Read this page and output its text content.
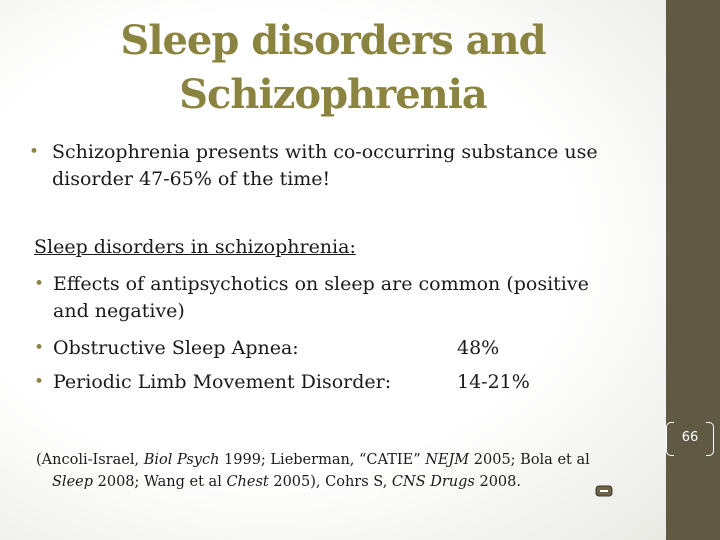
Sleep disorders and
Schizophrenia
• Schizophrenia presents with co-occurring substance use
disorder 47-65% of the time!
Sleep disorders in schizophrenia:
• Effects of antipsychotics on sleep are common (positive
and negative)
• Obstructive Sleep Apnea:	48%
• Periodic Limb Movement Disorder:	14-21%
(Ancoli-Israel, Biol Psych 1999; Lieberman, “CATIE” NEJM 2005; Bola et al
Sleep 2008; Wang et al Chest 2005), Cohrs S, CNS Drugs 2008.
66
